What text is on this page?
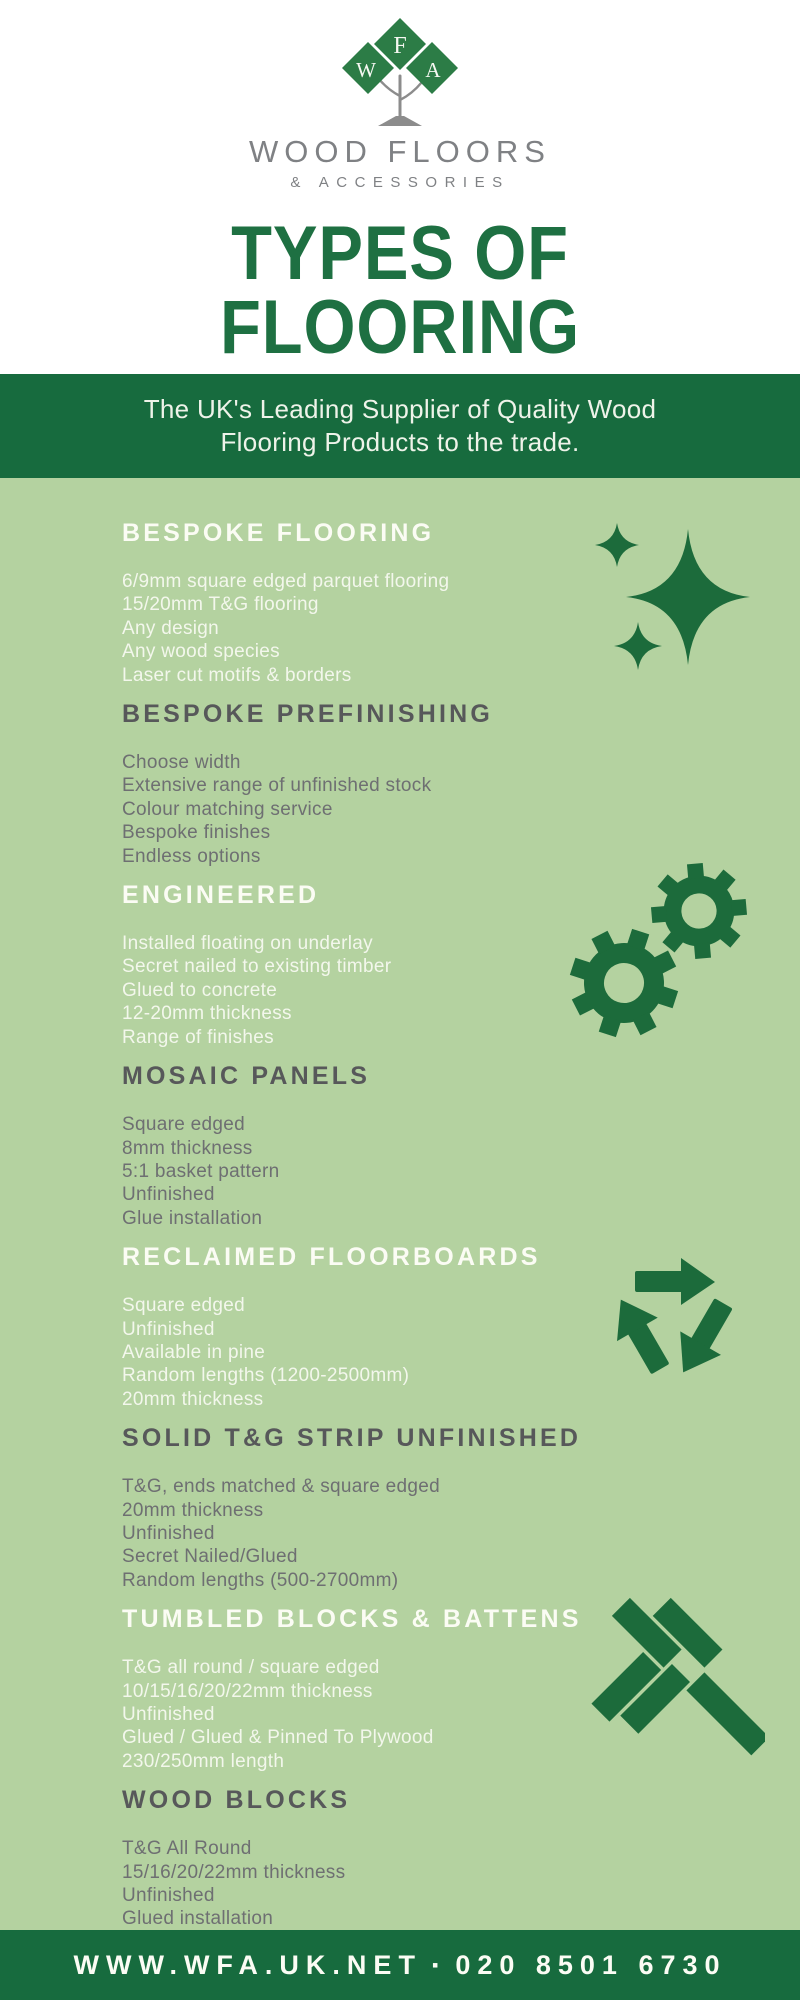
F
W A
WOOD FLOORS
& ACCESSORIES
TYPES OF
FLOORING
The UK's Leading Supplier of Quality Wood
Flooring Products to the trade.
BESPOKE FLOORING
6/9mm square edged parquet flooring
15/20mm T&G flooring
Any design
Any wood species
Laser cut motifs & borders
BESPOKE PREFINISHING
Choose width
Extensive range of unfinished stock
Colour matching service
Bespoke finishes
Endless options
ENGINEERED
Installed floating on underlay
Secret nailed to existing timber
Glued to concrete
12-20mm thickness
Range of finishes
MOSAIC PANELS
Square edged
8mm thickness
5:1 basket pattern
Unfinished
Glue installation
RECLAIMED FLOORBOARDS
Square edged
Unfinished
Available in pine
Random lengths (1200-2500mm)
20mm thickness
SOLID T&G STRIP UNFINISHED
T&G, ends matched & square edged
20mm thickness
Unfinished
Secret Nailed/Glued
Random lengths (500-2700mm)
TUMBLED BLOCKS & BATTENS
T&G all round / square edged
10/15/16/20/22mm thickness
Unfinished
Glued / Glued & Pinned To Plywood
230/250mm length
WOOD BLOCKS
T&G All Round
15/16/20/22mm thickness
Unfinished
Glued installation
WWW.WFA.UK.NET ▪ 020 8501 6730
